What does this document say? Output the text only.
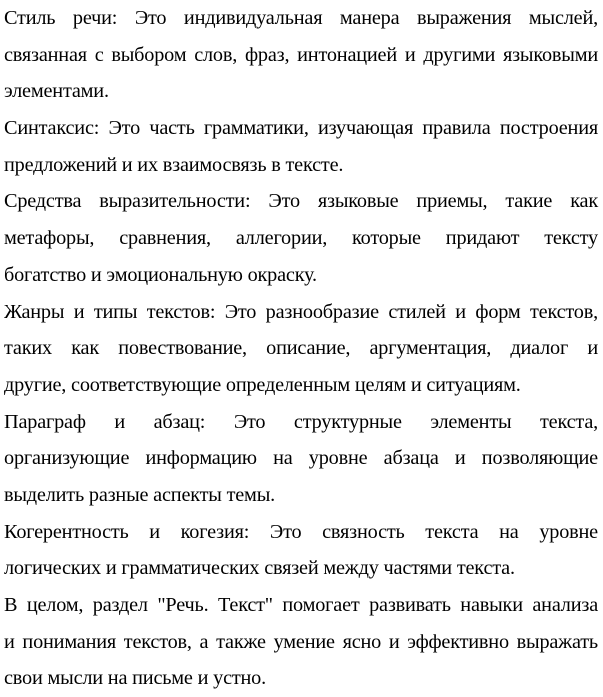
Стиль речи: Это индивидуальная манера выражения мыслей,
связанная с выбором слов, фраз, интонацией и другими языковыми
элементами.

Синтаксис: Это часть грамматики, изучающая правила построения
предложений и их взаимосвязь в тексте.

Средства выразительности: Это языковые приемы, такие как
метафоры, сравнения, аллегории, которые придают тексту
богатство и эмоциональную окраску.

Жанры и типы текстов: Это разнообразие стилей и форм текстов,
таких как повествование, описание, аргументация, диалог и
другие, соответствующие определенным целям и ситуациям.

Параграф и абзац: Это структурные элементы текста,
организующие информацию на уровне абзаца и позволяющие
выделить разные аспекты темы.

Когерентность и когезия: Это связность текста на уровне
логических и грамматических связей между частями текста.

В целом, раздел "Речь. Текст" помогает развивать навыки анализа
и понимания текстов, а также умение ясно и эффективно выражать
свои мысли на письме и устно.
